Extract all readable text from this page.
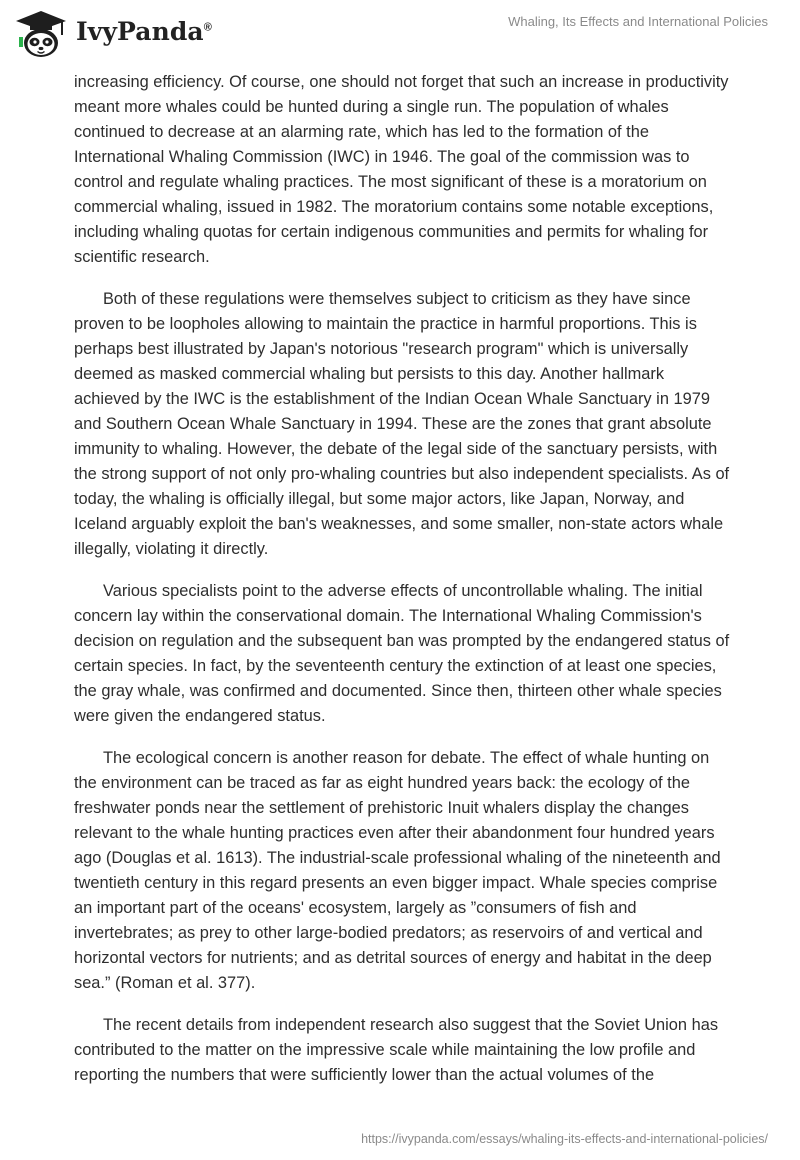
IvyPanda®	Whaling, Its Effects and International Policies

increasing efficiency. Of course, one should not forget that such an increase in productivity meant more whales could be hunted during a single run. The population of whales continued to decrease at an alarming rate, which has led to the formation of the International Whaling Commission (IWC) in 1946. The goal of the commission was to control and regulate whaling practices. The most significant of these is a moratorium on commercial whaling, issued in 1982. The moratorium contains some notable exceptions, including whaling quotas for certain indigenous communities and permits for whaling for scientific research.

Both of these regulations were themselves subject to criticism as they have since proven to be loopholes allowing to maintain the practice in harmful proportions. This is perhaps best illustrated by Japan's notorious "research program" which is universally deemed as masked commercial whaling but persists to this day. Another hallmark achieved by the IWC is the establishment of the Indian Ocean Whale Sanctuary in 1979 and Southern Ocean Whale Sanctuary in 1994. These are the zones that grant absolute immunity to whaling. However, the debate of the legal side of the sanctuary persists, with the strong support of not only pro-whaling countries but also independent specialists. As of today, the whaling is officially illegal, but some major actors, like Japan, Norway, and Iceland arguably exploit the ban's weaknesses, and some smaller, non-state actors whale illegally, violating it directly.

Various specialists point to the adverse effects of uncontrollable whaling. The initial concern lay within the conservational domain. The International Whaling Commission's decision on regulation and the subsequent ban was prompted by the endangered status of certain species. In fact, by the seventeenth century the extinction of at least one species, the gray whale, was confirmed and documented. Since then, thirteen other whale species were given the endangered status.

The ecological concern is another reason for debate. The effect of whale hunting on the environment can be traced as far as eight hundred years back: the ecology of the freshwater ponds near the settlement of prehistoric Inuit whalers display the changes relevant to the whale hunting practices even after their abandonment four hundred years ago (Douglas et al. 1613). The industrial-scale professional whaling of the nineteenth and twentieth century in this regard presents an even bigger impact. Whale species comprise an important part of the oceans' ecosystem, largely as ”consumers of fish and invertebrates; as prey to other large-bodied predators; as reservoirs of and vertical and horizontal vectors for nutrients; and as detrital sources of energy and habitat in the deep sea.” (Roman et al. 377).

The recent details from independent research also suggest that the Soviet Union has contributed to the matter on the impressive scale while maintaining the low profile and reporting the numbers that were sufficiently lower than the actual volumes of the

https://ivypanda.com/essays/whaling-its-effects-and-international-policies/
